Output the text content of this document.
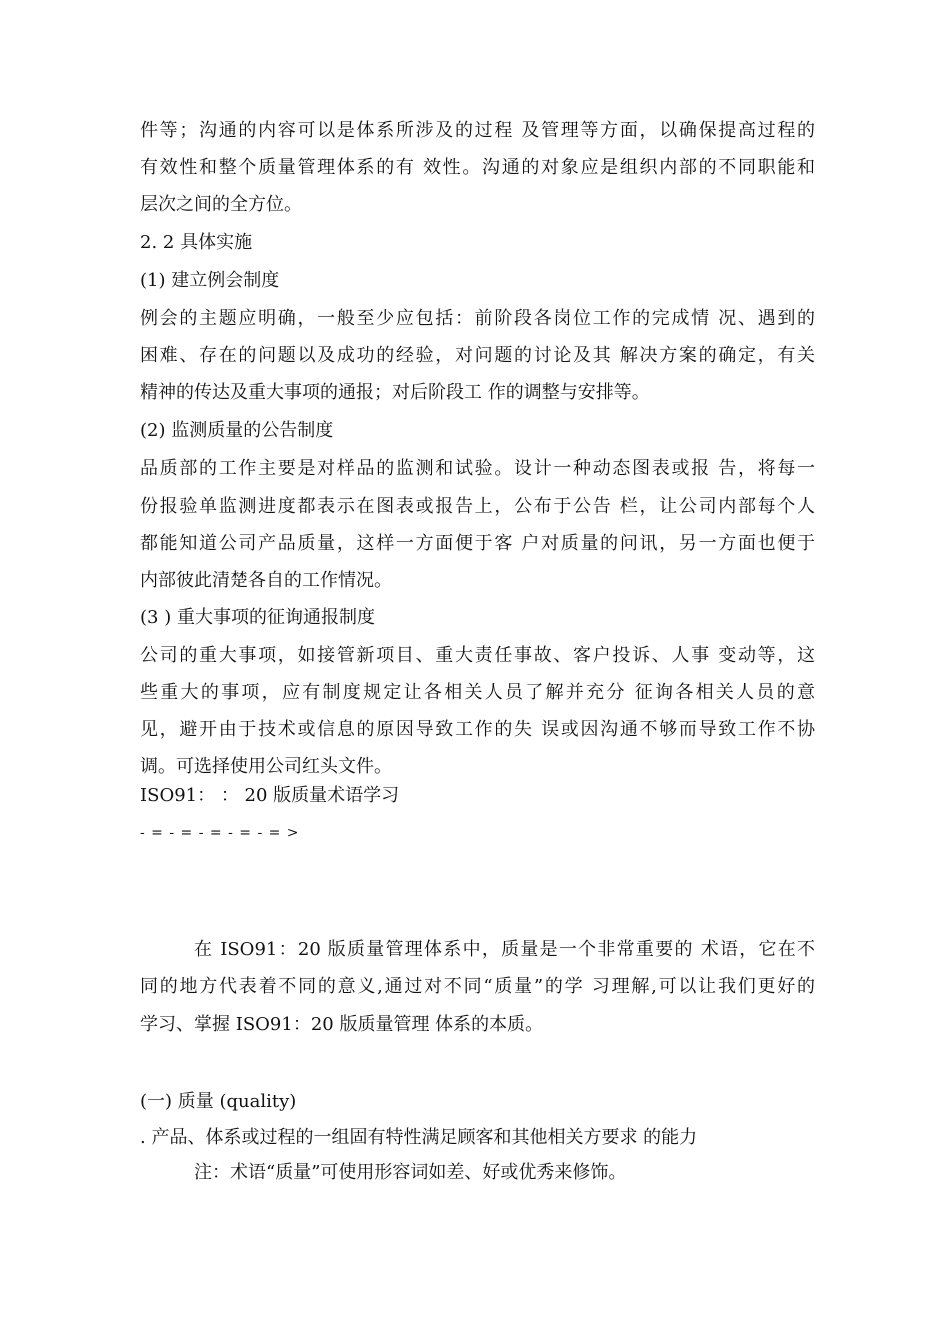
件等；沟通的内容可以是体系所涉及的过程 及管理等方面，以确保提高过程的
有效性和整个质量管理体系的有 效性。沟通的对象应是组织内部的不同职能和
层次之间的全方位。
2. 2 具体实施
(1) 建立例会制度
例会的主题应明确，一般至少应包括：前阶段各岗位工作的完成情 况、遇到的
困难、存在的问题以及成功的经验，对问题的讨论及其 解决方案的确定，有关
精神的传达及重大事项的通报；对后阶段工 作的调整与安排等。
(2) 监测质量的公告制度
品质部的工作主要是对样品的监测和试验。设计一种动态图表或报 告，将每一
份报验单监测进度都表示在图表或报告上，公布于公告 栏，让公司内部每个人
都能知道公司产品质量，这样一方面便于客 户对质量的问讯，另一方面也便于
内部彼此清楚各自的工作情况。
(3 ) 重大事项的征询通报制度
公司的重大事项，如接管新项目、重大责任事故、客户投诉、人事 变动等，这
些重大的事项，应有制度规定让各相关人员了解并充分 征询各相关人员的意
见，避开由于技术或信息的原因导致工作的失 误或因沟通不够而导致工作不协
调。可选择使用公司红头文件。
ISO91： ： 20 版质量术语学习
- = - = - = - = - = >
在 ISO91：20 版质量管理体系中，质量是一个非常重要的 术语，它在不
同的地方代表着不同的意义,通过对不同“质量”的学 习理解,可以让我们更好的
学习、掌握 ISO91：20 版质量管理 体系的本质。
(一) 质量 (quality)
. 产品、体系或过程的一组固有特性满足顾客和其他相关方要求 的能力
注：术语“质量”可使用形容词如差、好或优秀来修饰。
